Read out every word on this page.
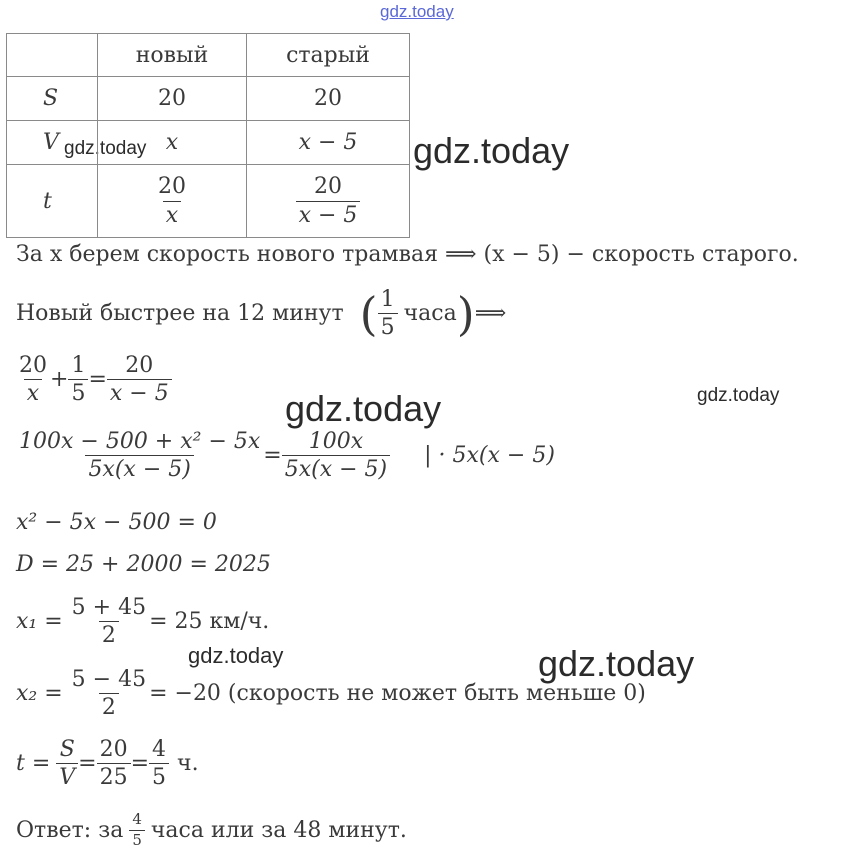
gdz.today
gdz.today
gdz.today
gdz.today	gdz.today
gdz.today	gdz.today
	новый	старый
S	20	20
V	x	x − 5
t	$\frac{20}{x}$	$\frac{20}{x - 5}$
За x берем скорость нового трамвая ⟹ (x − 5) − скорость старого.
Новый быстрее на 12 минут ( $\frac{1}{5}$ часа ) ⟹
$\frac{20}{x} + \frac{1}{5} = \frac{20}{x - 5}$
$\frac{\text{100x − 500 + x² − 5x}}{5x(x - 5)} = \frac{100x}{5x(x - 5)}$ | · 5x(x − 5)
x² − 5x − 500 = 0
D = 25 + 2000 = 2025
$x_1 = \frac{5 + 45}{2} = 25$ км/ч.
$x_2 = \frac{5 - 45}{2} = -20$ (скорость не может быть меньше 0)
$t = \frac{S}{V} = \frac{20}{25} = \frac{4}{5} ч$.
Ответ: за $\frac{4}{5}$ часа или за 48 минут.
